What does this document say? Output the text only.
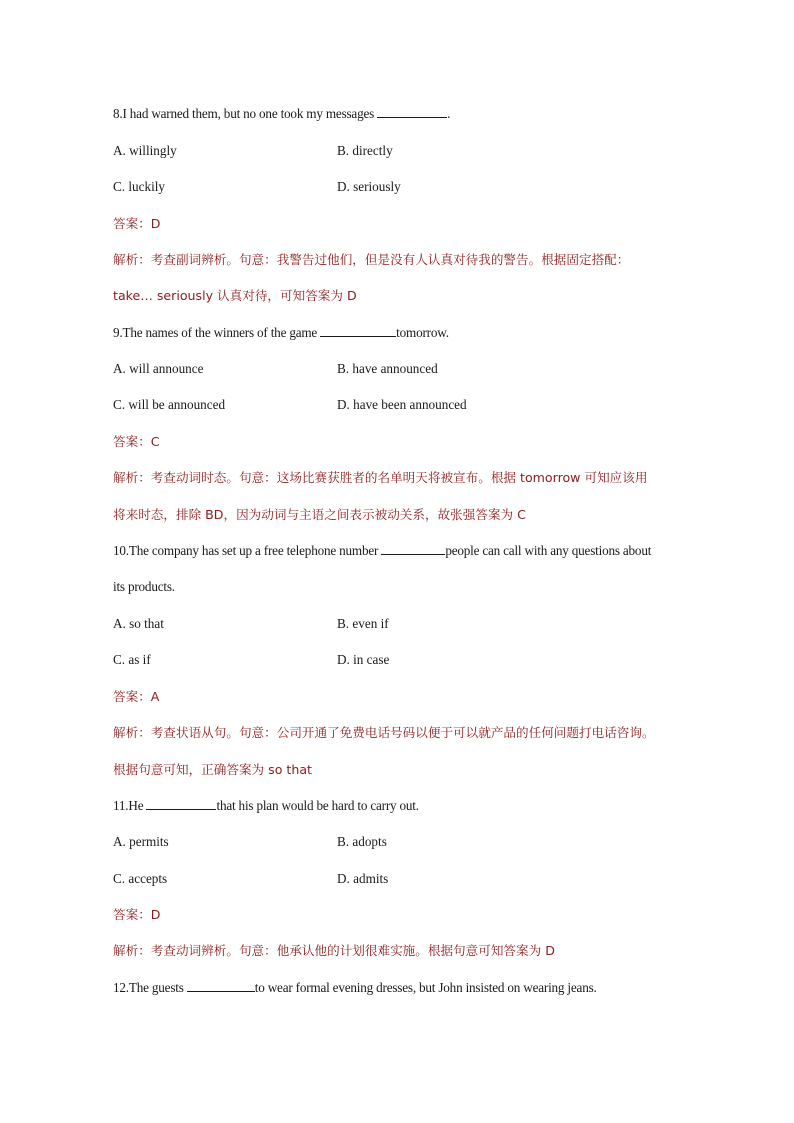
8.I had warned them, but no one took my messages	.
A. willingly	B. directly
C. luckily	D. seriously
答案：D
解析：考查副词辨析。句意：我警告过他们，但是没有人认真对待我的警告。根据固定搭配：
take… seriously 认真对待，可知答案为 D
9.The names of the winners of the game	tomorrow.
A. will announce	B. have announced
C. will be announced	D. have been announced
答案：C
解析：考查动词时态。句意：这场比赛获胜者的名单明天将被宣布。根据 tomorrow 可知应该用
将来时态，排除 BD，因为动词与主语之间表示被动关系，故张强答案为 C
10.The company has set up a free telephone number	people can call with any questions about
its products.
A. so that	B. even if
C. as if	D. in case
答案：A
解析：考查状语从句。句意：公司开通了免费电话号码以便于可以就产品的任何问题打电话咨询。
根据句意可知，正确答案为 so that
11.He	that his plan would be hard to carry out.
A. permits	B. adopts
C. accepts	D. admits
答案：D
解析：考查动词辨析。句意：他承认他的计划很难实施。根据句意可知答案为 D
12.The guests	to wear formal evening dresses, but John insisted on wearing jeans.
